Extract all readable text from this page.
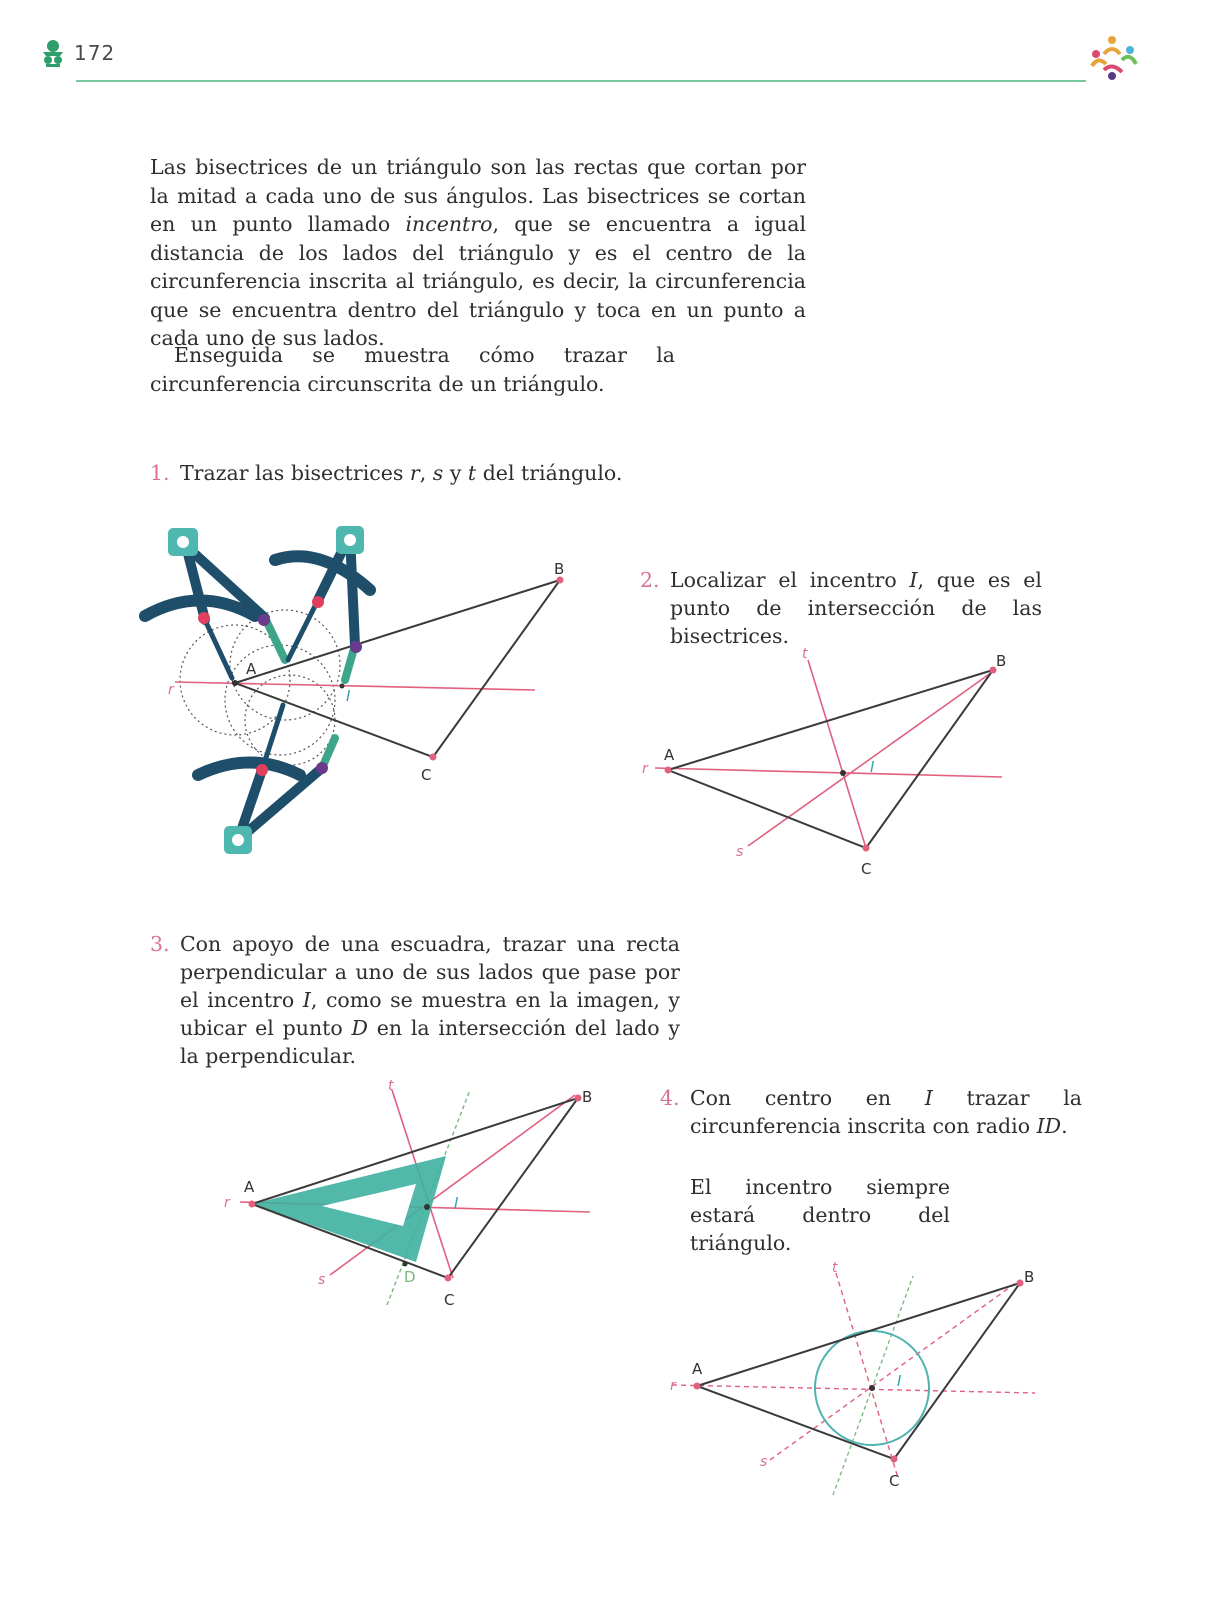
172

Las bisectrices de un triángulo son las rectas que cortan por la mitad a cada uno de sus ángulos. Las bisectrices se cortan en un punto llamado incentro, que se encuentra a igual distancia de los lados del triángulo y es el centro de la circunferencia inscrita al triángulo, es decir, la circunferencia que se encuentra dentro del triángulo y toca en un punto a cada uno de sus lados.

Enseguida se muestra cómo trazar la circunferencia circunscrita de un triángulo.

1. Trazar las bisectrices r, s y t del triángulo.
2. Localizar el incentro I, que es el punto de intersección de las bisectrices.
3. Con apoyo de una escuadra, trazar una recta perpendicular a uno de sus lados que pase por el incentro I, como se muestra en la imagen, y ubicar el punto D en la intersección del lado y la perpendicular.
4. Con centro en I trazar la circunferencia inscrita con radio ID.
El incentro siempre estará dentro del triángulo.
A
B
C
r	I
A
B
C
r
s
t
I
A
B
C
D
r
s
t
I
A
B
C
r
s
t
I
